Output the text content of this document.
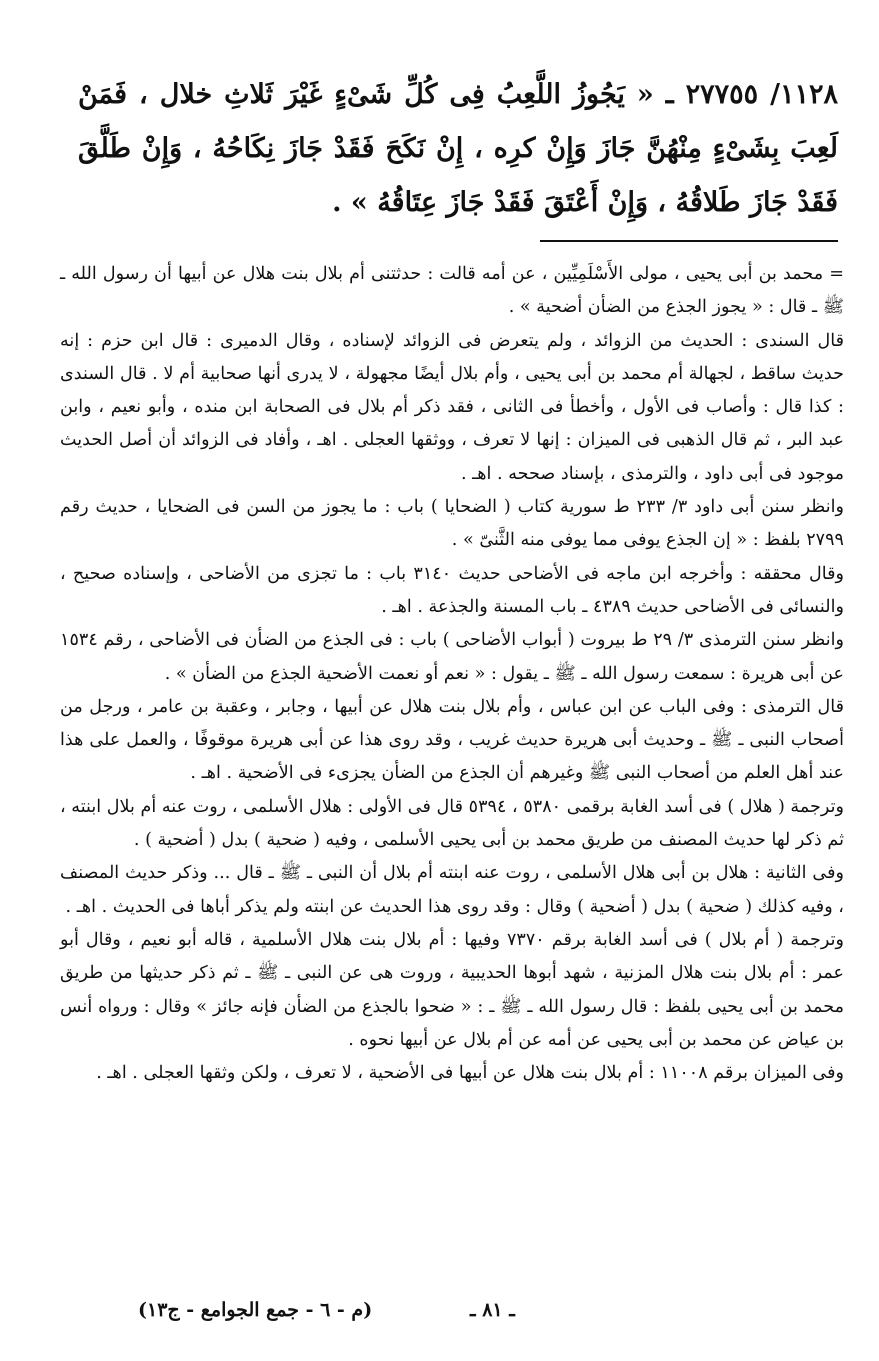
١١٢٨/ ٢٧٧٥٥ ـ « يَجُوزُ اللَّعِبُ فِى كُلِّ شَىْءٍ غَيْرَ ثَلاثِ خلال ، فَمَنْ لَعِبَ بِشَىْءٍ مِنْهُنَّ جَازَ وَإِنْ كرِه ، إِنْ نَكَحَ فَقَدْ جَازَ نِكَاحُهُ ، وَإِنْ طَلَّقَ فَقَدْ جَازَ طَلاقُهُ ، وَإِنْ أَعْتَقَ فَقَدْ جَازَ عِتَاقُهُ » .

= محمد بن أبى يحيى ، مولى الأَسْلَمِيِّين ، عن أمه قالت : حدثتنى أم بلال بنت هلال عن أبيها أن رسول الله ـ ﷺ ـ قال : « يجوز الجذع من الضأن أضحية » .

قال السندى : الحديث من الزوائد ، ولم يتعرض فى الزوائد لإسناده ، وقال الدميرى : قال ابن حزم : إنه حديث ساقط ، لجهالة أم محمد بن أبى يحيى ، وأم بلال أيضًا مجهولة ، لا يدرى أنها صحابية أم لا . قال السندى : كذا قال : وأصاب فى الأول ، وأخطأ فى الثانى ، فقد ذكر أم بلال فى الصحابة ابن منده ، وأبو نعيم ، وابن عبد البر ، ثم قال الذهبى فى الميزان : إنها لا تعرف ، ووثقها العجلى . اهـ ، وأفاد فى الزوائد أن أصل الحديث موجود فى أبى داود ، والترمذى ، بإسناد صححه . اهـ .

وانظر سنن أبى داود ٣/ ٢٣٣ ط سورية كتاب ( الضحايا ) باب : ما يجوز من السن فى الضحايا ، حديث رقم ٢٧٩٩ بلفظ : « إن الجذع يوفى مما يوفى منه الثَّنىّ » .

وقال محققه : وأخرجه ابن ماجه فى الأضاحى حديث ٣١٤٠ باب : ما تجزى من الأضاحى ، وإسناده صحيح ، والنسائى فى الأضاحى حديث ٤٣٨٩ ـ باب المسنة والجذعة . اهـ .

وانظر سنن الترمذى ٣/ ٢٩ ط بيروت ( أبواب الأضاحى ) باب : فى الجذع من الضأن فى الأضاحى ، رقم ١٥٣٤ عن أبى هريرة : سمعت رسول الله ـ ﷺ ـ يقول : « نعم أو نعمت الأضحية الجذع من الضأن » .

قال الترمذى : وفى الباب عن ابن عباس ، وأم بلال بنت هلال عن أبيها ، وجابر ، وعقبة بن عامر ، ورجل من أصحاب النبى ـ ﷺ ـ وحديث أبى هريرة حديث غريب ، وقد روى هذا عن أبى هريرة موقوفًا ، والعمل على هذا عند أهل العلم من أصحاب النبى ﷺ وغيرهم أن الجذع من الضأن يجزىء فى الأضحية . اهـ .

وترجمة ( هلال ) فى أسد الغابة برقمى ٥٣٨٠ ، ٥٣٩٤ قال فى الأولى : هلال الأسلمى ، روت عنه أم بلال ابنته ، ثم ذكر لها حديث المصنف من طريق محمد بن أبى يحيى الأسلمى ، وفيه ( ضحية ) بدل ( أضحية ) .

وفى الثانية : هلال بن أبى هلال الأسلمى ، روت عنه ابنته أم بلال أن النبى ـ ﷺ ـ قال ... وذكر حديث المصنف ، وفيه كذلك ( ضحية ) بدل ( أضحية ) وقال : وقد روى هذا الحديث عن ابنته ولم يذكر أباها فى الحديث . اهـ .

وترجمة ( أم بلال ) فى أسد الغابة برقم ٧٣٧٠ وفيها : أم بلال بنت هلال الأسلمية ، قاله أبو نعيم ، وقال أبو عمر : أم بلال بنت هلال المزنية ، شهد أبوها الحديبية ، وروت هى عن النبى ـ ﷺ ـ ثم ذكر حديثها من طريق محمد بن أبى يحيى بلفظ : قال رسول الله ـ ﷺ ـ : « ضحوا بالجذع من الضأن فإنه جائز » وقال : ورواه أنس بن عياض عن محمد بن أبى يحيى عن أمه عن أم بلال عن أبيها نحوه .

وفى الميزان برقم ١١٠٠٨ : أم بلال بنت هلال عن أبيها فى الأضحية ، لا تعرف ، ولكن وثقها العجلى . اهـ .

ـ ٨١ ـ
(م - ٦ - جمع الجوامع - ج١٣)
